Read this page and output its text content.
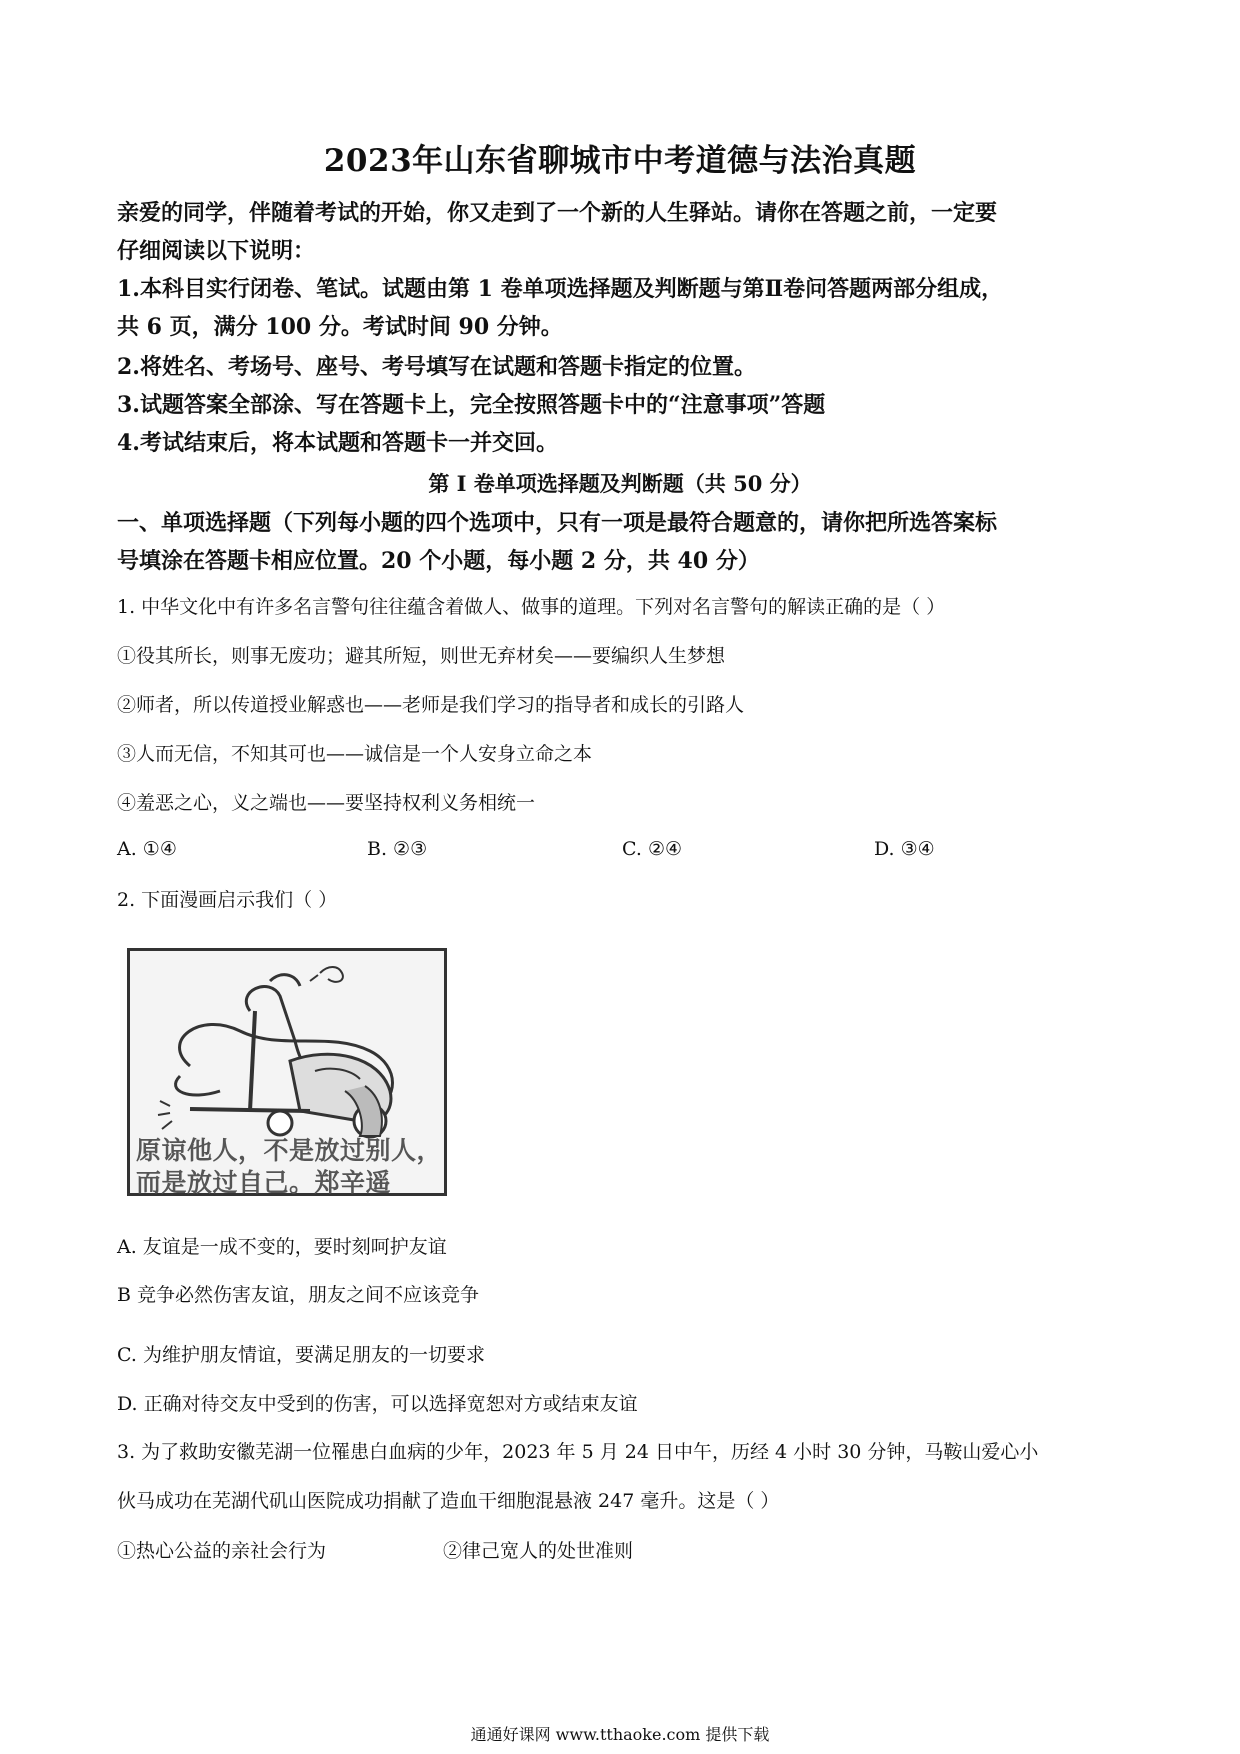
2023年山东省聊城市中考道德与法治真题
亲爱的同学，伴随着考试的开始，你又走到了一个新的人生驿站。请你在答题之前，一定要
仔细阅读以下说明：
1.本科目实行闭卷、笔试。试题由第 1 卷单项选择题及判断题与第Ⅱ卷问答题两部分组成，
共 6 页，满分 100 分。考试时间 90 分钟。
2.将姓名、考场号、座号、考号填写在试题和答题卡指定的位置。
3.试题答案全部涂、写在答题卡上，完全按照答题卡中的“注意事项”答题
4.考试结束后，将本试题和答题卡一并交回。
第 I 卷单项选择题及判断题（共 50 分）
一、单项选择题（下列每小题的四个选项中，只有一项是最符合题意的，请你把所选答案标
号填涂在答题卡相应位置。20 个小题，每小题 2 分，共 40 分）
1. 中华文化中有许多名言警句往往蕴含着做人、做事的道理。下列对名言警句的解读正确的是（ ）
①役其所长，则事无废功；避其所短，则世无弃材矣——要编织人生梦想
②师者，所以传道授业解惑也——老师是我们学习的指导者和成长的引路人
③人而无信，不知其可也——诚信是一个人安身立命之本
④羞恶之心，义之端也——要坚持权利义务相统一
A. ①④	B. ②③	C. ②④	D. ③④
2. 下面漫画启示我们（ ）
原谅他人，不是放过别人，
而是放过自己。郑辛遥
A. 友谊是一成不变的，要时刻呵护友谊
B 竞争必然伤害友谊，朋友之间不应该竞争
C. 为维护朋友情谊，要满足朋友的一切要求
D. 正确对待交友中受到的伤害，可以选择宽恕对方或结束友谊
3. 为了救助安徽芜湖一位罹患白血病的少年，2023 年 5 月 24 日中午，历经 4 小时 30 分钟，马鞍山爱心小
伙马成功在芜湖代矶山医院成功捐献了造血干细胞混悬液 247 毫升。这是（ ）
①热心公益的亲社会行为	②律己宽人的处世准则
通通好课网 www.tthaoke.com 提供下载
